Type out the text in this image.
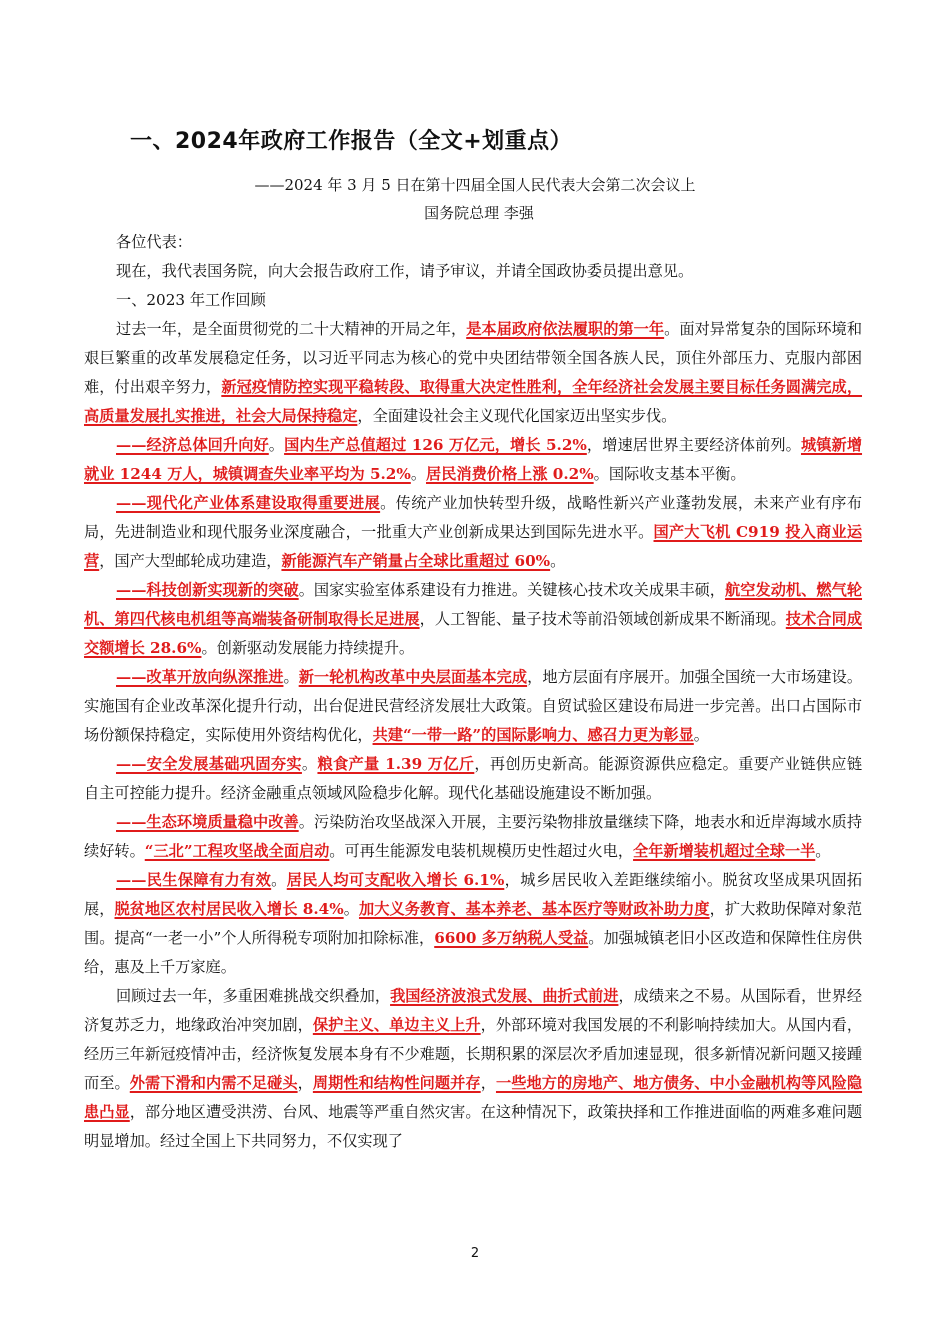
一、2024年政府工作报告（全文+划重点）

——2024 年 3 月 5 日在第十四届全国人民代表大会第二次会议上

国务院总理 李强

各位代表：

现在，我代表国务院，向大会报告政府工作，请予审议，并请全国政协委员提出意见。

一、2023 年工作回顾

过去一年，是全面贯彻党的二十大精神的开局之年，是本届政府依法履职的第一年。面对异常复杂的国际环境和艰巨繁重的改革发展稳定任务，以习近平同志为核心的党中央团结带领全国各族人民，顶住外部压力、克服内部困难，付出艰辛努力，新冠疫情防控实现平稳转段、取得重大决定性胜利，全年经济社会发展主要目标任务圆满完成，高质量发展扎实推进，社会大局保持稳定，全面建设社会主义现代化国家迈出坚实步伐。

——经济总体回升向好。国内生产总值超过 126 万亿元，增长 5.2%，增速居世界主要经济体前列。城镇新增就业 1244 万人，城镇调查失业率平均为 5.2%。居民消费价格上涨 0.2%。国际收支基本平衡。

——现代化产业体系建设取得重要进展。传统产业加快转型升级，战略性新兴产业蓬勃发展，未来产业有序布局，先进制造业和现代服务业深度融合，一批重大产业创新成果达到国际先进水平。国产大飞机 C919 投入商业运营，国产大型邮轮成功建造，新能源汽车产销量占全球比重超过 60%。

——科技创新实现新的突破。国家实验室体系建设有力推进。关键核心技术攻关成果丰硕，航空发动机、燃气轮机、第四代核电机组等高端装备研制取得长足进展，人工智能、量子技术等前沿领域创新成果不断涌现。技术合同成交额增长 28.6%。创新驱动发展能力持续提升。

——改革开放向纵深推进。新一轮机构改革中央层面基本完成，地方层面有序展开。加强全国统一大市场建设。实施国有企业改革深化提升行动，出台促进民营经济发展壮大政策。自贸试验区建设布局进一步完善。出口占国际市场份额保持稳定，实际使用外资结构优化，共建“一带一路”的国际影响力、感召力更为彰显。

——安全发展基础巩固夯实。粮食产量 1.39 万亿斤，再创历史新高。能源资源供应稳定。重要产业链供应链自主可控能力提升。经济金融重点领域风险稳步化解。现代化基础设施建设不断加强。

——生态环境质量稳中改善。污染防治攻坚战深入开展，主要污染物排放量继续下降，地表水和近岸海域水质持续好转。“三北”工程攻坚战全面启动。可再生能源发电装机规模历史性超过火电，全年新增装机超过全球一半。

——民生保障有力有效。居民人均可支配收入增长 6.1%，城乡居民收入差距继续缩小。脱贫攻坚成果巩固拓展，脱贫地区农村居民收入增长 8.4%。加大义务教育、基本养老、基本医疗等财政补助力度，扩大救助保障对象范围。提高“一老一小”个人所得税专项附加扣除标准，6600 多万纳税人受益。加强城镇老旧小区改造和保障性住房供给，惠及上千万家庭。

回顾过去一年，多重困难挑战交织叠加，我国经济波浪式发展、曲折式前进，成绩来之不易。从国际看，世界经济复苏乏力，地缘政治冲突加剧，保护主义、单边主义上升，外部环境对我国发展的不利影响持续加大。从国内看，经历三年新冠疫情冲击，经济恢复发展本身有不少难题，长期积累的深层次矛盾加速显现，很多新情况新问题又接踵而至。外需下滑和内需不足碰头，周期性和结构性问题并存，一些地方的房地产、地方债务、中小金融机构等风险隐患凸显，部分地区遭受洪涝、台风、地震等严重自然灾害。在这种情况下，政策抉择和工作推进面临的两难多难问题明显增加。经过全国上下共同努力，不仅实现了

2
